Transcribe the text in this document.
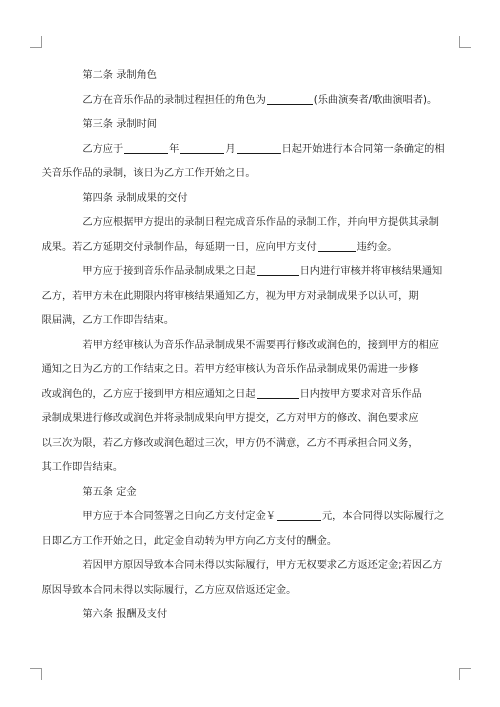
第二条 录制角色

乙方在音乐作品的录制过程担任的角色为	(乐曲演奏者/歌曲演唱者)。

第三条 录制时间

乙方应于	年	月	日起开始进行本合同第一条确定的相
关音乐作品的录制，该日为乙方工作开始之日。

第四条 录制成果的交付

乙方应根据甲方提出的录制日程完成音乐作品的录制工作，并向甲方提供其录制
成果。若乙方延期交付录制作品，每延期一日，应向甲方支付	违约金。

甲方应于接到音乐作品录制成果之日起	日内进行审核并将审核结果通知
乙方，若甲方未在此期限内将审核结果通知乙方，视为甲方对录制成果予以认可，期
限届满，乙方工作即告结束。

若甲方经审核认为音乐作品录制成果不需要再行修改或润色的，接到甲方的相应
通知之日为乙方的工作结束之日。若甲方经审核认为音乐作品录制成果仍需进一步修
改或润色的，乙方应于接到甲方相应通知之日起	日内按甲方要求对音乐作品
录制成果进行修改或润色并将录制成果向甲方提交，乙方对甲方的修改、润色要求应
以三次为限，若乙方修改或润色超过三次，甲方仍不满意，乙方不再承担合同义务，
其工作即告结束。

第五条 定金

甲方应于本合同签署之日向乙方支付定金￥	元，本合同得以实际履行之
日即乙方工作开始之日，此定金自动转为甲方向乙方支付的酬金。

若因甲方原因导致本合同未得以实际履行，甲方无权要求乙方返还定金;若因乙方
原因导致本合同未得以实际履行，乙方应双倍返还定金。

第六条 报酬及支付
